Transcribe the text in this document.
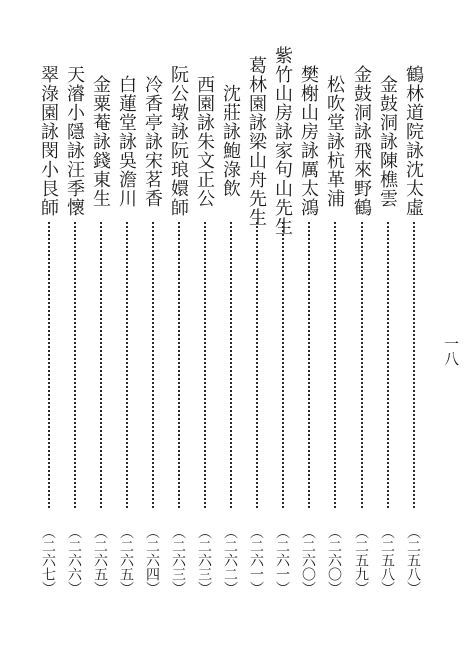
一八
鶴林道院詠沈太虛
（二五八）
金鼓洞詠陳樵雲
（二五八）
金鼓洞詠飛來野鶴
（二五九）
松吹堂詠杭革浦
（二六〇）
樊榭山房詠厲太鴻
（二六〇）
紫竹山房詠家句山先生
（二六一）
葛林園詠梁山舟先生
（二六一）
沈莊詠鮑淥飲
（二六二）
西園詠朱文正公
（二六三）
阮公墩詠阮琅嬛師
（二六三）
冷香亭詠宋茗香
（二六四）
白蓮堂詠吳澹川
（二六五）
金粟菴詠錢東生
（二六五）
天濬小隱詠汪季懷
（二六六）
翠淥園詠閔小艮師
（二六七）
